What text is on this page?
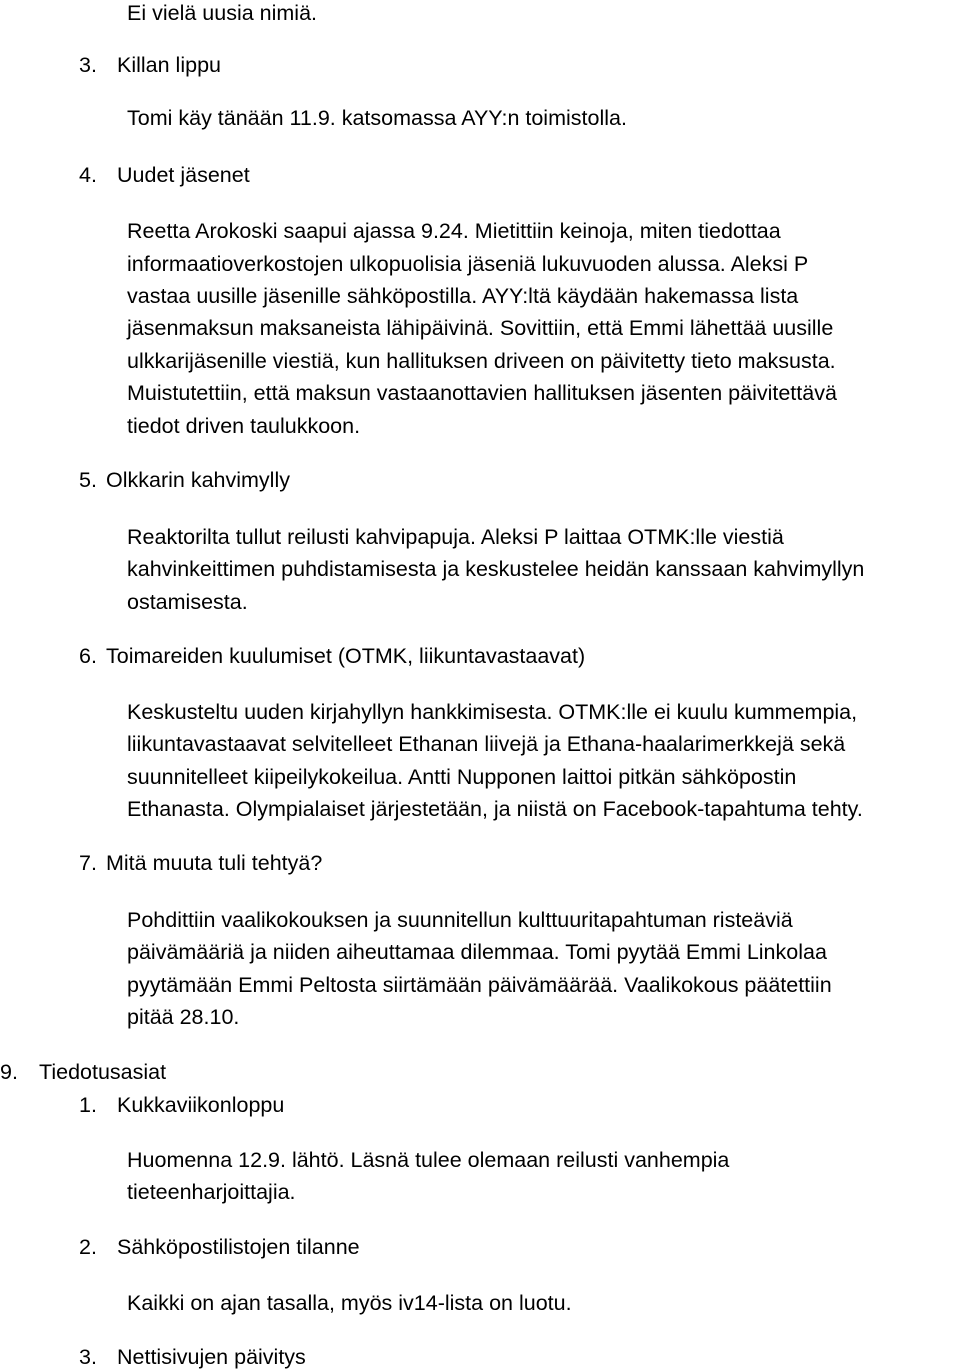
Ei vielä uusia nimiä.
3. Killan lippu
Tomi käy tänään 11.9. katsomassa AYY:n toimistolla.
4. Uudet jäsenet
Reetta Arokoski saapui ajassa 9.24. Mietittiin keinoja, miten tiedottaa
informaatioverkostojen ulkopuolisia jäseniä lukuvuoden alussa. Aleksi P
vastaa uusille jäsenille sähköpostilla. AYY:ltä käydään hakemassa lista
jäsenmaksun maksaneista lähipäivinä. Sovittiin, että Emmi lähettää uusille
ulkkarijäsenille viestiä, kun hallituksen driveen on päivitetty tieto maksusta.
Muistutettiin, että maksun vastaanottavien hallituksen jäsenten päivitettävä
tiedot driven taulukkoon.
5. Olkkarin kahvimylly
Reaktorilta tullut reilusti kahvipapuja. Aleksi P laittaa OTMK:lle viestiä
kahvinkeittimen puhdistamisesta ja keskustelee heidän kanssaan kahvimyllyn
ostamisesta.
6. Toimareiden kuulumiset (OTMK, liikuntavastaavat)
Keskusteltu uuden kirjahyllyn hankkimisesta. OTMK:lle ei kuulu kummempia,
liikuntavastaavat selvitelleet Ethanan liivejä ja Ethana-haalarimerkkejä sekä
suunnitelleet kiipeilykokeilua. Antti Nupponen laittoi pitkän sähköpostin
Ethanasta. Olympialaiset järjestetään, ja niistä on Facebook-tapahtuma tehty.
7. Mitä muuta tuli tehtyä?
Pohdittiin vaalikokouksen ja suunnitellun kulttuuritapahtuman risteäviä
päivämääriä ja niiden aiheuttamaa dilemmaa. Tomi pyytää Emmi Linkolaa
pyytämään Emmi Peltosta siirtämään päivämäärää. Vaalikokous päätettiin
pitää 28.10.
9. Tiedotusasiat
1. Kukkaviikonloppu
Huomenna 12.9. lähtö. Läsnä tulee olemaan reilusti vanhempia
tieteenharjoittajia.
2. Sähköpostilistojen tilanne
Kaikki on ajan tasalla, myös iv14-lista on luotu.
3. Nettisivujen päivitys
